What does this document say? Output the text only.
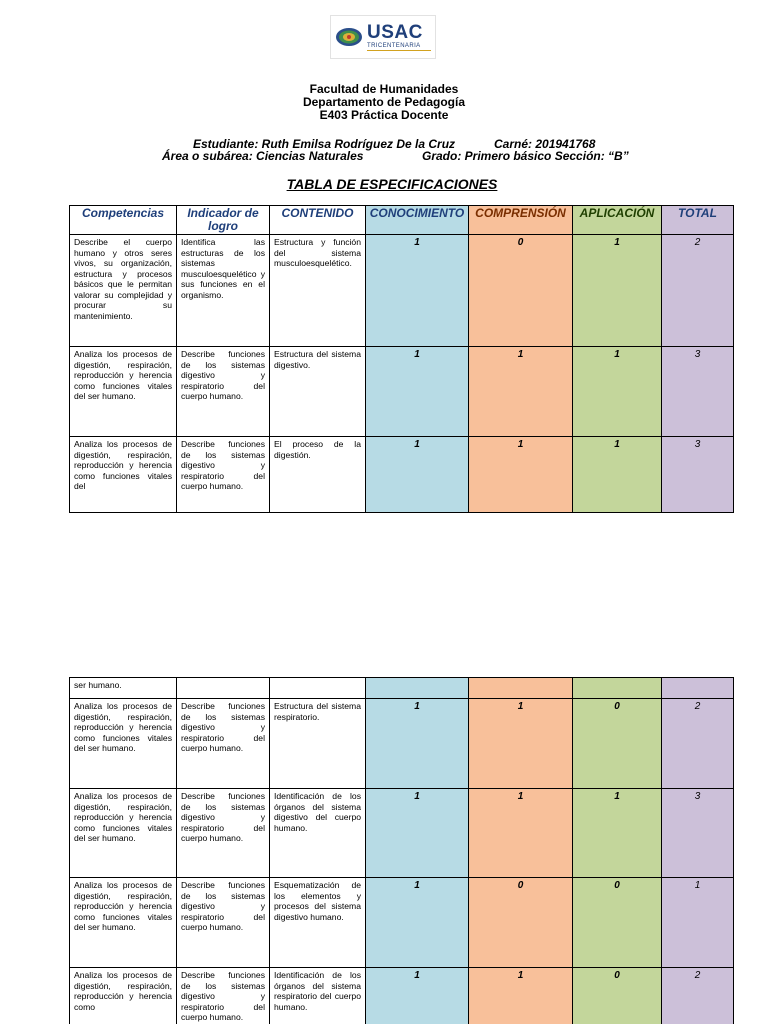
USAC
TRICENTENARIA
Facultad de Humanidades
Departamento de Pedagogía
E403 Práctica Docente
Estudiante: Ruth Emilsa Rodríguez De la Cruz	Carné: 201941768
Área o subárea: Ciencias Naturales	Grado: Primero básico Sección: “B”
TABLA DE ESPECIFICACIONES
Competencias	Indicador de logro	CONTENIDO	CONOCIMIENTO	COMPRENSIÓN	APLICACIÓN	TOTAL
Describe el cuerpo humano y otros seres vivos, su organización, estructura y procesos básicos que le permitan valorar su complejidad y procurar su mantenimiento.	Identifica las estructuras de los sistemas musculoesquelético y sus funciones en el organismo.	Estructura y función del sistema musculoesquelético.	1	0	1	2
Analiza los procesos de digestión, respiración, reproducción y herencia como funciones vitales del ser humano.	Describe funciones de los sistemas digestivo y respiratorio del cuerpo humano.	Estructura del sistema digestivo.	1	1	1	3
Analiza los procesos de digestión, respiración, reproducción y herencia como funciones vitales del	Describe funciones de los sistemas digestivo y respiratorio del cuerpo humano.	El proceso de la digestión.	1	1	1	3
ser humano.						
Analiza los procesos de digestión, respiración, reproducción y herencia como funciones vitales del ser humano.	Describe funciones de los sistemas digestivo y respiratorio del cuerpo humano.	Estructura del sistema respiratorio.	1	1	0	2
Analiza los procesos de digestión, respiración, reproducción y herencia como funciones vitales del ser humano.	Describe funciones de los sistemas digestivo y respiratorio del cuerpo humano.	Identificación de los órganos del sistema digestivo del cuerpo humano.	1	1	1	3
Analiza los procesos de digestión, respiración, reproducción y herencia como funciones vitales del ser humano.	Describe funciones de los sistemas digestivo y respiratorio del cuerpo humano.	Esquematización de los elementos y procesos del sistema digestivo humano.	1	0	0	1
Analiza los procesos de digestión, respiración, reproducción y herencia como	Describe funciones de los sistemas digestivo y respiratorio del cuerpo humano.	Identificación de los órganos del sistema respiratorio del cuerpo humano.	1	1	0	2
